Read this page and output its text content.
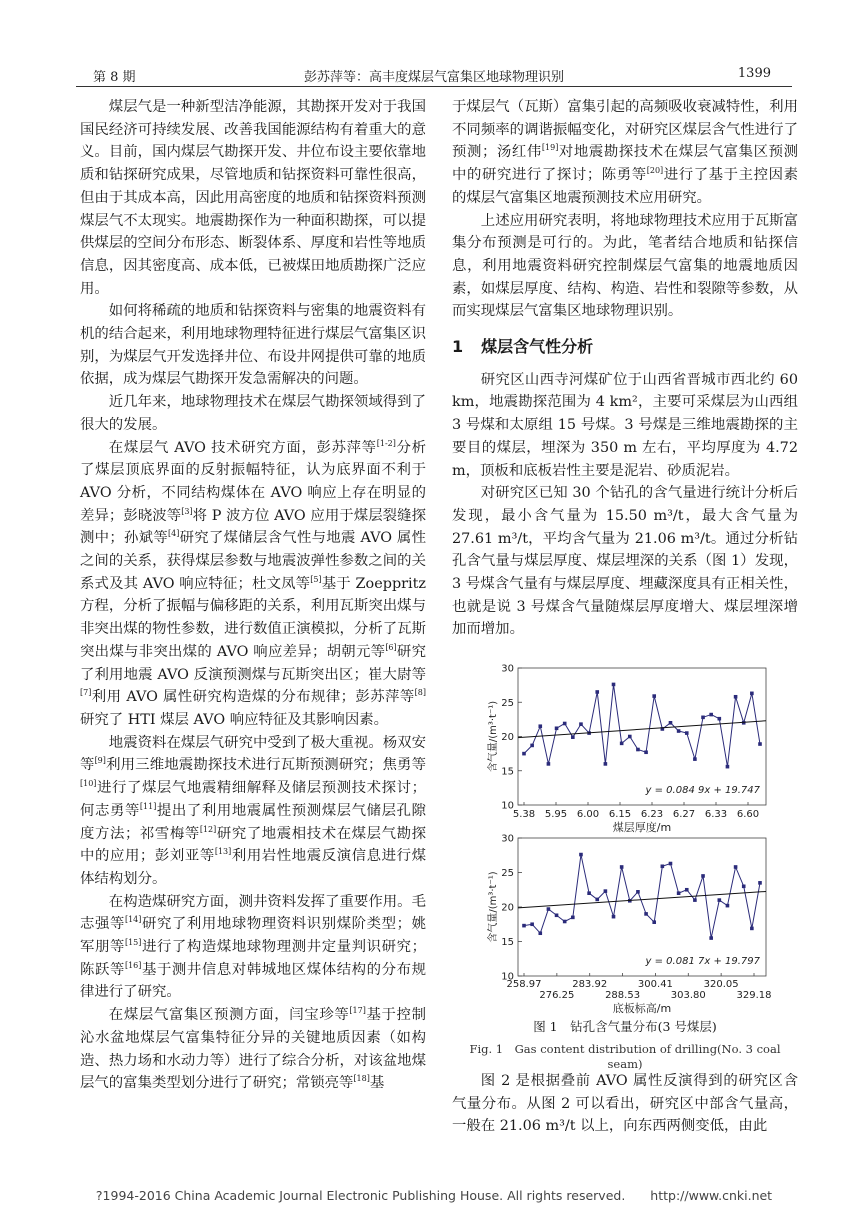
第 8 期	彭苏萍等：高丰度煤层气富集区地球物理识别	1399

煤层气是一种新型洁净能源，其勘探开发对于我国国民经济可持续发展、改善我国能源结构有着重大的意义。目前，国内煤层气勘探开发、井位布设主要依靠地质和钻探研究成果，尽管地质和钻探资料可靠性很高，但由于其成本高，因此用高密度的地质和钻探资料预测煤层气不太现实。地震勘探作为一种面积勘探，可以提供煤层的空间分布形态、断裂体系、厚度和岩性等地质信息，因其密度高、成本低，已被煤田地质勘探广泛应用。

如何将稀疏的地质和钻探资料与密集的地震资料有机的结合起来，利用地球物理特征进行煤层气富集区识别，为煤层气开发选择井位、布设井网提供可靠的地质依据，成为煤层气勘探开发急需解决的问题。

近几年来，地球物理技术在煤层气勘探领域得到了很大的发展。

在煤层气 AVO 技术研究方面，彭苏萍等[1-2]分析了煤层顶底界面的反射振幅特征，认为底界面不利于 AVO 分析，不同结构煤体在 AVO 响应上存在明显的差异；彭晓波等[3]将 P 波方位 AVO 应用于煤层裂缝探测中；孙斌等[4]研究了煤储层含气性与地震 AVO 属性之间的关系，获得煤层参数与地震波弹性参数之间的关系式及其 AVO 响应特征；杜文凤等[5]基于 Zoeppritz 方程，分析了振幅与偏移距的关系，利用瓦斯突出煤与非突出煤的物性参数，进行数值正演模拟，分析了瓦斯突出煤与非突出煤的 AVO 响应差异；胡朝元等[6]研究了利用地震 AVO 反演预测煤与瓦斯突出区；崔大尉等[7]利用 AVO 属性研究构造煤的分布规律；彭苏萍等[8]研究了 HTI 煤层 AVO 响应特征及其影响因素。

地震资料在煤层气研究中受到了极大重视。杨双安等[9]利用三维地震勘探技术进行瓦斯预测研究；焦勇等[10]进行了煤层气地震精细解释及储层预测技术探讨；何志勇等[11]提出了利用地震属性预测煤层气储层孔隙度方法；祁雪梅等[12]研究了地震相技术在煤层气勘探中的应用；彭刘亚等[13]利用岩性地震反演信息进行煤体结构划分。

在构造煤研究方面，测井资料发挥了重要作用。毛志强等[14]研究了利用地球物理资料识别煤阶类型；姚军朋等[15]进行了构造煤地球物理测井定量判识研究；陈跃等[16]基于测井信息对韩城地区煤体结构的分布规律进行了研究。

在煤层气富集区预测方面，闫宝珍等[17]基于控制沁水盆地煤层气富集特征分异的关键地质因素（如构造、热力场和水动力等）进行了综合分析，对该盆地煤层气的富集类型划分进行了研究；常锁亮等[18]基

于煤层气（瓦斯）富集引起的高频吸收衰减特性，利用不同频率的调谐振幅变化，对研究区煤层含气性进行了预测；汤红伟[19]对地震勘探技术在煤层气富集区预测中的研究进行了探讨；陈勇等[20]进行了基于主控因素的煤层气富集区地震预测技术应用研究。

上述应用研究表明，将地球物理技术应用于瓦斯富集分布预测是可行的。为此，笔者结合地质和钻探信息，利用地震资料研究控制煤层气富集的地震地质因素，如煤层厚度、结构、构造、岩性和裂隙等参数，从而实现煤层气富集区地球物理识别。

1 煤层含气性分析

研究区山西寺河煤矿位于山西省晋城市西北约 60 km，地震勘探范围为 4 km²，主要可采煤层为山西组 3 号煤和太原组 15 号煤。3 号煤是三维地震勘探的主要目的煤层，埋深为 350 m 左右，平均厚度为 4.72 m，顶板和底板岩性主要是泥岩、砂质泥岩。

对研究区已知 30 个钻孔的含气量进行统计分析后发现，最小含气量为 15.50 m³/t，最大含气量为 27.61 m³/t，平均含气量为 21.06 m³/t。通过分析钻孔含气量与煤层厚度、煤层埋深的关系（图 1）发现，3 号煤含气量有与煤层厚度、埋藏深度具有正相关性，也就是说 3 号煤含气量随煤层厚度增大、煤层埋深增加而增加。

10
15
20
25
30
含气量/(m³·t⁻¹)
y = 0.084 9x + 19.747
5.38 5.95 6.00 6.15 6.23 6.27 6.33 6.60
煤层厚度/m
10
15
20
25
30
含气量/(m³·t⁻¹)
y = 0.081 7x + 19.797
258.97
276.25
283.92
288.53
300.41
303.80
320.05
329.18
底板标高/m
图 1　钻孔含气量分布(3 号煤层)
Fig. 1　Gas content distribution of drilling(No. 3 coal seam)

图 2 是根据叠前 AVO 属性反演得到的研究区含气量分布。从图 2 可以看出，研究区中部含气量高，一般在 21.06 m³/t 以上，向东西两侧变低，由此

?1994-2016 China Academic Journal Electronic Publishing House. All rights reserved.　　http://www.cnki.net
